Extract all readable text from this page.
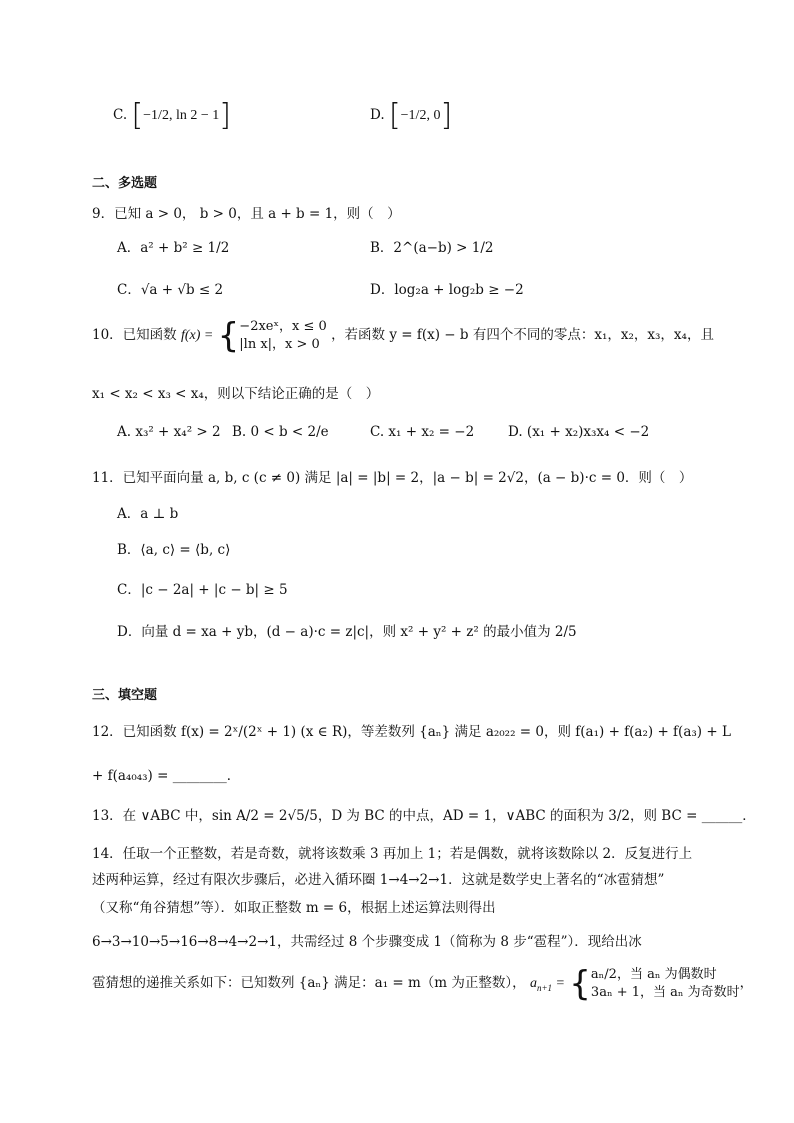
C. [−1/2, ln 2 − 1]	D. [−1/2, 0]
二、多选题
9．已知 a > 0， b > 0，且 a + b = 1，则（　）
A．a² + b² ≥ 1/2	B．2^(a−b) > 1/2
C．√a + √b ≤ 2	D．log₂a + log₂b ≥ −2
10．已知函数 f(x) = { −2xeˣ，x ≤ 0
|ln x|，x > 0
，若函数 y = f(x) − b 有四个不同的零点：x₁，x₂，x₃，x₄，且
x₁ < x₂ < x₃ < x₄，则以下结论正确的是（　）
A. x₃² + x₄² > 2 B. 0 < b < 2/e	C. x₁ + x₂ = −2	D. (x₁ + x₂)x₃x₄ < −2
11．已知平面向量 a, b, c (c ≠ 0) 满足 |a| = |b| = 2，|a − b| = 2√2，(a − b)·c = 0．则（　）
A．a ⊥ b
B．⟨a, c⟩ = ⟨b, c⟩
C．|c − 2a| + |c − b| ≥ 5
D．向量 d = xa + yb，(d − a)·c = z|c|，则 x² + y² + z² 的最小值为 2/5
三、填空题
12．已知函数 f(x) = 2ˣ/(2ˣ + 1) (x ∈ R)，等差数列 {aₙ} 满足 a₂₀₂₂ = 0，则 f(a₁) + f(a₂) + f(a₃) + L
+ f(a₄₀₄₃) = ________．
13．在 ∨ABC 中，sin A/2 = 2√5/5，D 为 BC 的中点，AD = 1，∨ABC 的面积为 3/2，则 BC = ______．
14．任取一个正整数，若是奇数，就将该数乘 3 再加上 1；若是偶数，就将该数除以 2．反复进行上
述两种运算，经过有限次步骤后，必进入循环圈 1→4→2→1．这就是数学史上著名的“冰雹猜想”
（又称“角谷猜想”等）．如取正整数 m = 6，根据上述运算法则得出
6→3→10→5→16→8→4→2→1，共需经过 8 个步骤变成 1（简称为 8 步“雹程”）．现给出冰
雹猜想的递推关系如下：已知数列 {aₙ} 满足：a₁ = m（m 为正整数）， $a_{n+1}$ = { aₙ/2，当 aₙ 为偶数时
3aₙ + 1，当 aₙ 为奇数时
，
